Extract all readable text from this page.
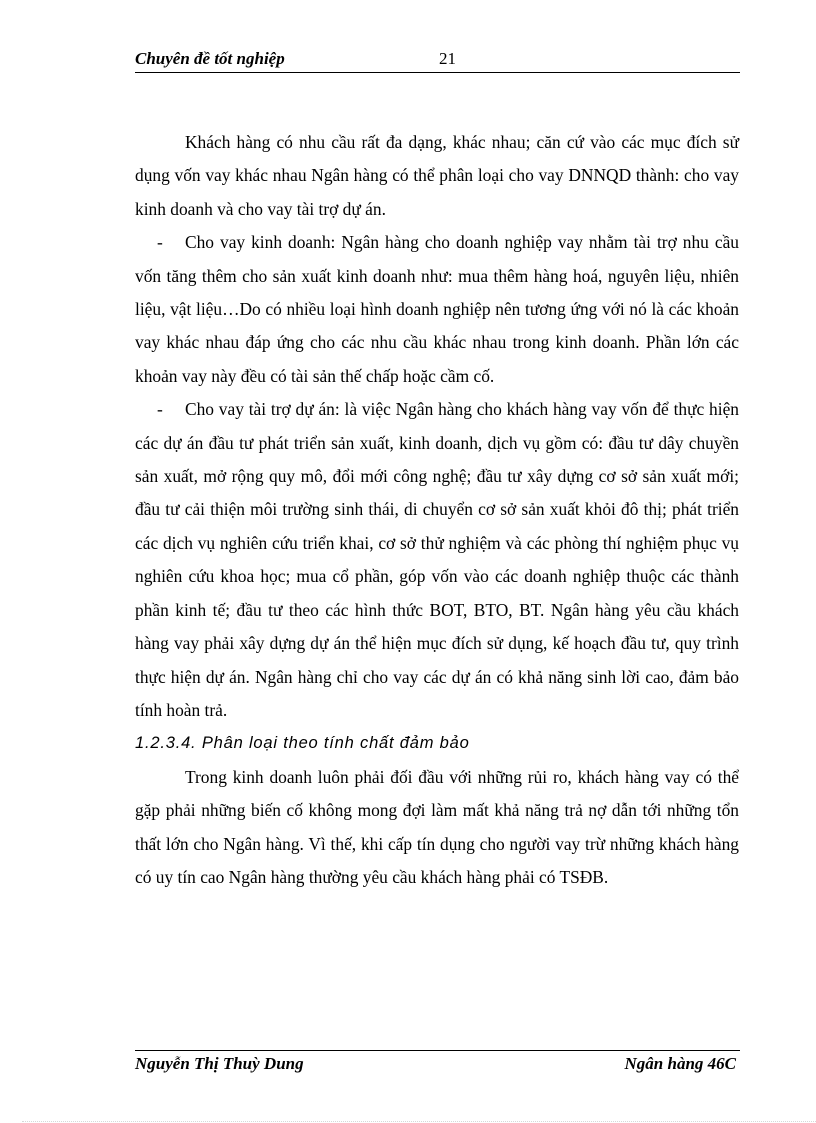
Chuyên đề tốt nghiệp	21

Khách hàng có nhu cầu rất đa dạng, khác nhau; căn cứ vào các mục đích sử dụng vốn vay khác nhau Ngân hàng có thể phân loại cho vay DNNQD thành: cho vay kinh doanh và cho vay tài trợ dự án.

- Cho vay kinh doanh: Ngân hàng cho doanh nghiệp vay nhằm tài trợ nhu cầu vốn tăng thêm cho sản xuất kinh doanh như: mua thêm hàng hoá, nguyên liệu, nhiên liệu, vật liệu…Do có nhiều loại hình doanh nghiệp nên tương ứng với nó là các khoản vay khác nhau đáp ứng cho các nhu cầu khác nhau trong kinh doanh. Phần lớn các khoản vay này đều có tài sản thế chấp hoặc cầm cố.

- Cho vay tài trợ dự án: là việc Ngân hàng cho khách hàng vay vốn để thực hiện các dự án đầu tư phát triển sản xuất, kinh doanh, dịch vụ gồm có: đầu tư dây chuyền sản xuất, mở rộng quy mô, đổi mới công nghệ; đầu tư xây dựng cơ sở sản xuất mới; đầu tư cải thiện môi trường sinh thái, di chuyển cơ sở sản xuất khỏi đô thị; phát triển các dịch vụ nghiên cứu triển khai, cơ sở thử nghiệm và các phòng thí nghiệm phục vụ nghiên cứu khoa học; mua cổ phần, góp vốn vào các doanh nghiệp thuộc các thành phần kinh tế; đầu tư theo các hình thức BOT, BTO, BT. Ngân hàng yêu cầu khách hàng vay phải xây dựng dự án thể hiện mục đích sử dụng, kế hoạch đầu tư, quy trình thực hiện dự án. Ngân hàng chỉ cho vay các dự án có khả năng sinh lời cao, đảm bảo tính hoàn trả.

1.2.3.4. Phân loại theo tính chất đảm bảo

Trong kinh doanh luôn phải đối đầu với những rủi ro, khách hàng vay có thể gặp phải những biến cố không mong đợi làm mất khả năng trả nợ dẫn tới những tổn thất lớn cho Ngân hàng. Vì thế, khi cấp tín dụng cho người vay trừ những khách hàng có uy tín cao Ngân hàng thường yêu cầu khách hàng phải có TSĐB.

Nguyễn Thị Thuỳ Dung	Ngân hàng 46C
